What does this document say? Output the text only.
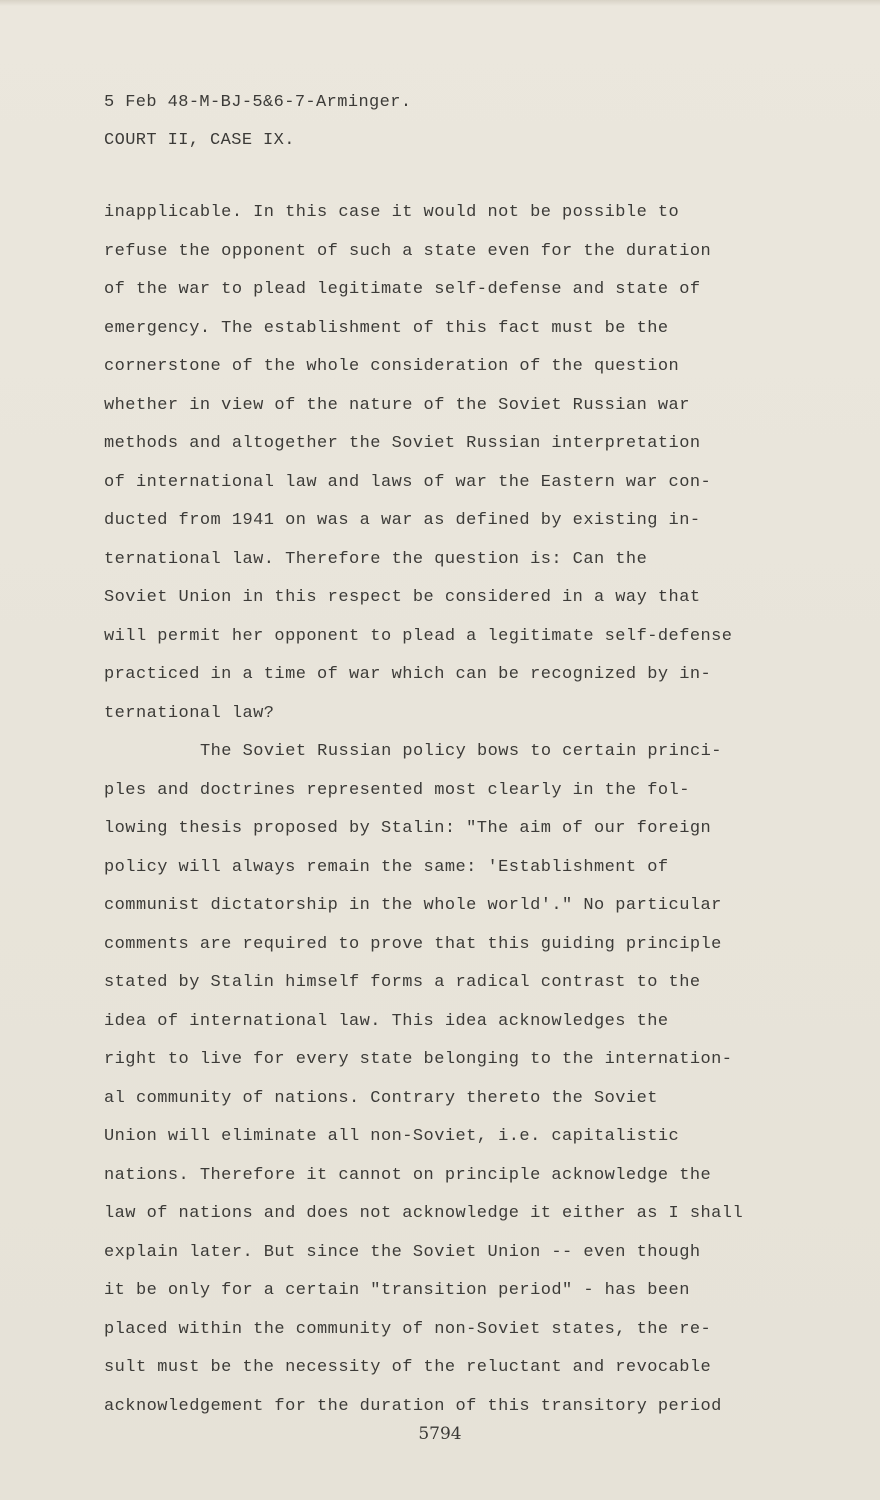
5 Feb 48-M-BJ-5&6-7-Arminger.
COURT II, CASE IX.
inapplicable. In this case it would not be possible to
refuse the opponent of such a state even for the duration
of the war to plead legitimate self-defense and state of
emergency. The establishment of this fact must be the
cornerstone of the whole consideration of the question
whether in view of the nature of the Soviet Russian war
methods and altogether the Soviet Russian interpretation
of international law and laws of war the Eastern war con-
ducted from 1941 on was a war as defined by existing in-
ternational law. Therefore the question is: Can the
Soviet Union in this respect be considered in a way that
will permit her opponent to plead a legitimate self-defense
practiced in a time of war which can be recognized by in-
ternational law?
The Soviet Russian policy bows to certain princi-
ples and doctrines represented most clearly in the fol-
lowing thesis proposed by Stalin: "The aim of our foreign
policy will always remain the same: 'Establishment of
communist dictatorship in the whole world'." No particular
comments are required to prove that this guiding principle
stated by Stalin himself forms a radical contrast to the
idea of international law. This idea acknowledges the
right to live for every state belonging to the internation-
al community of nations. Contrary thereto the Soviet
Union will eliminate all non-Soviet, i.e. capitalistic
nations. Therefore it cannot on principle acknowledge the
law of nations and does not acknowledge it either as I shall
explain later. But since the Soviet Union -- even though
it be only for a certain "transition period" - has been
placed within the community of non-Soviet states, the re-
sult must be the necessity of the reluctant and revocable
acknowledgement for the duration of this transitory period
5794
